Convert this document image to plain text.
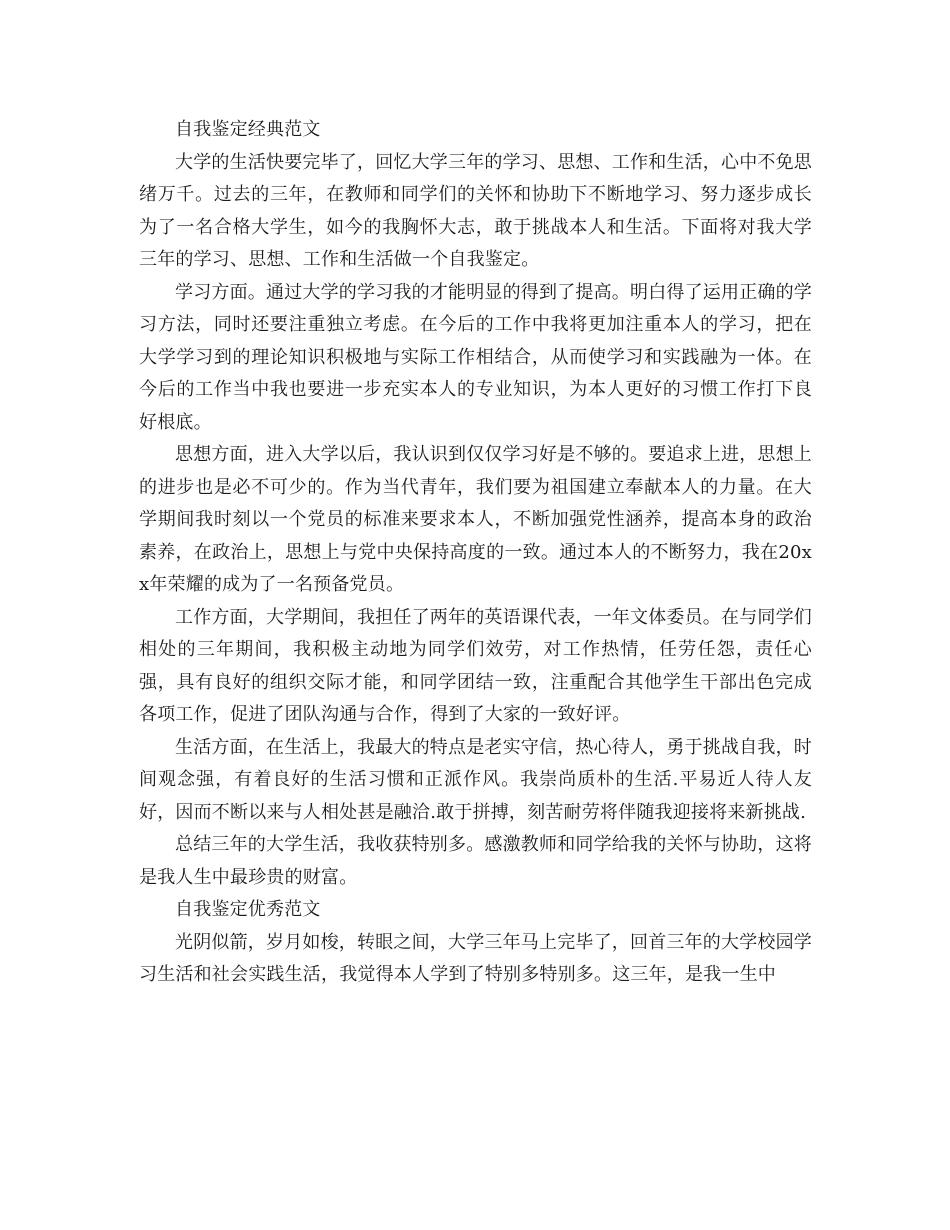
自我鉴定经典范文

大学的生活快要完毕了，回忆大学三年的学习、思想、工作和生活，心中不免思绪万千。过去的三年，在教师和同学们的关怀和协助下不断地学习、努力逐步成长为了一名合格大学生，如今的我胸怀大志，敢于挑战本人和生活。下面将对我大学三年的学习、思想、工作和生活做一个自我鉴定。

学习方面。通过大学的学习我的才能明显的得到了提高。明白得了运用正确的学习方法，同时还要注重独立考虑。在今后的工作中我将更加注重本人的学习，把在大学学习到的理论知识积极地与实际工作相结合，从而使学习和实践融为一体。在今后的工作当中我也要进一步充实本人的专业知识，为本人更好的习惯工作打下良好根底。

思想方面，进入大学以后，我认识到仅仅学习好是不够的。要追求上进，思想上的进步也是必不可少的。作为当代青年，我们要为祖国建立奉献本人的力量。在大学期间我时刻以一个党员的标准来要求本人，不断加强党性涵养，提高本身的政治素养，在政治上，思想上与党中央保持高度的一致。通过本人的不断努力，我在20xx年荣耀的成为了一名预备党员。

工作方面，大学期间，我担任了两年的英语课代表，一年文体委员。在与同学们相处的三年期间，我积极主动地为同学们效劳，对工作热情，任劳任怨，责任心强，具有良好的组织交际才能，和同学团结一致，注重配合其他学生干部出色完成各项工作，促进了团队沟通与合作，得到了大家的一致好评。

生活方面，在生活上，我最大的特点是老实守信，热心待人，勇于挑战自我，时间观念强，有着良好的生活习惯和正派作风。我崇尚质朴的生活.平易近人待人友好，因而不断以来与人相处甚是融洽.敢于拼搏，刻苦耐劳将伴随我迎接将来新挑战.

总结三年的大学生活，我收获特别多。感激教师和同学给我的关怀与协助，这将是我人生中最珍贵的财富。

自我鉴定优秀范文

光阴似箭，岁月如梭，转眼之间，大学三年马上完毕了，回首三年的大学校园学习生活和社会实践生活，我觉得本人学到了特别多特别多。这三年，是我一生中
